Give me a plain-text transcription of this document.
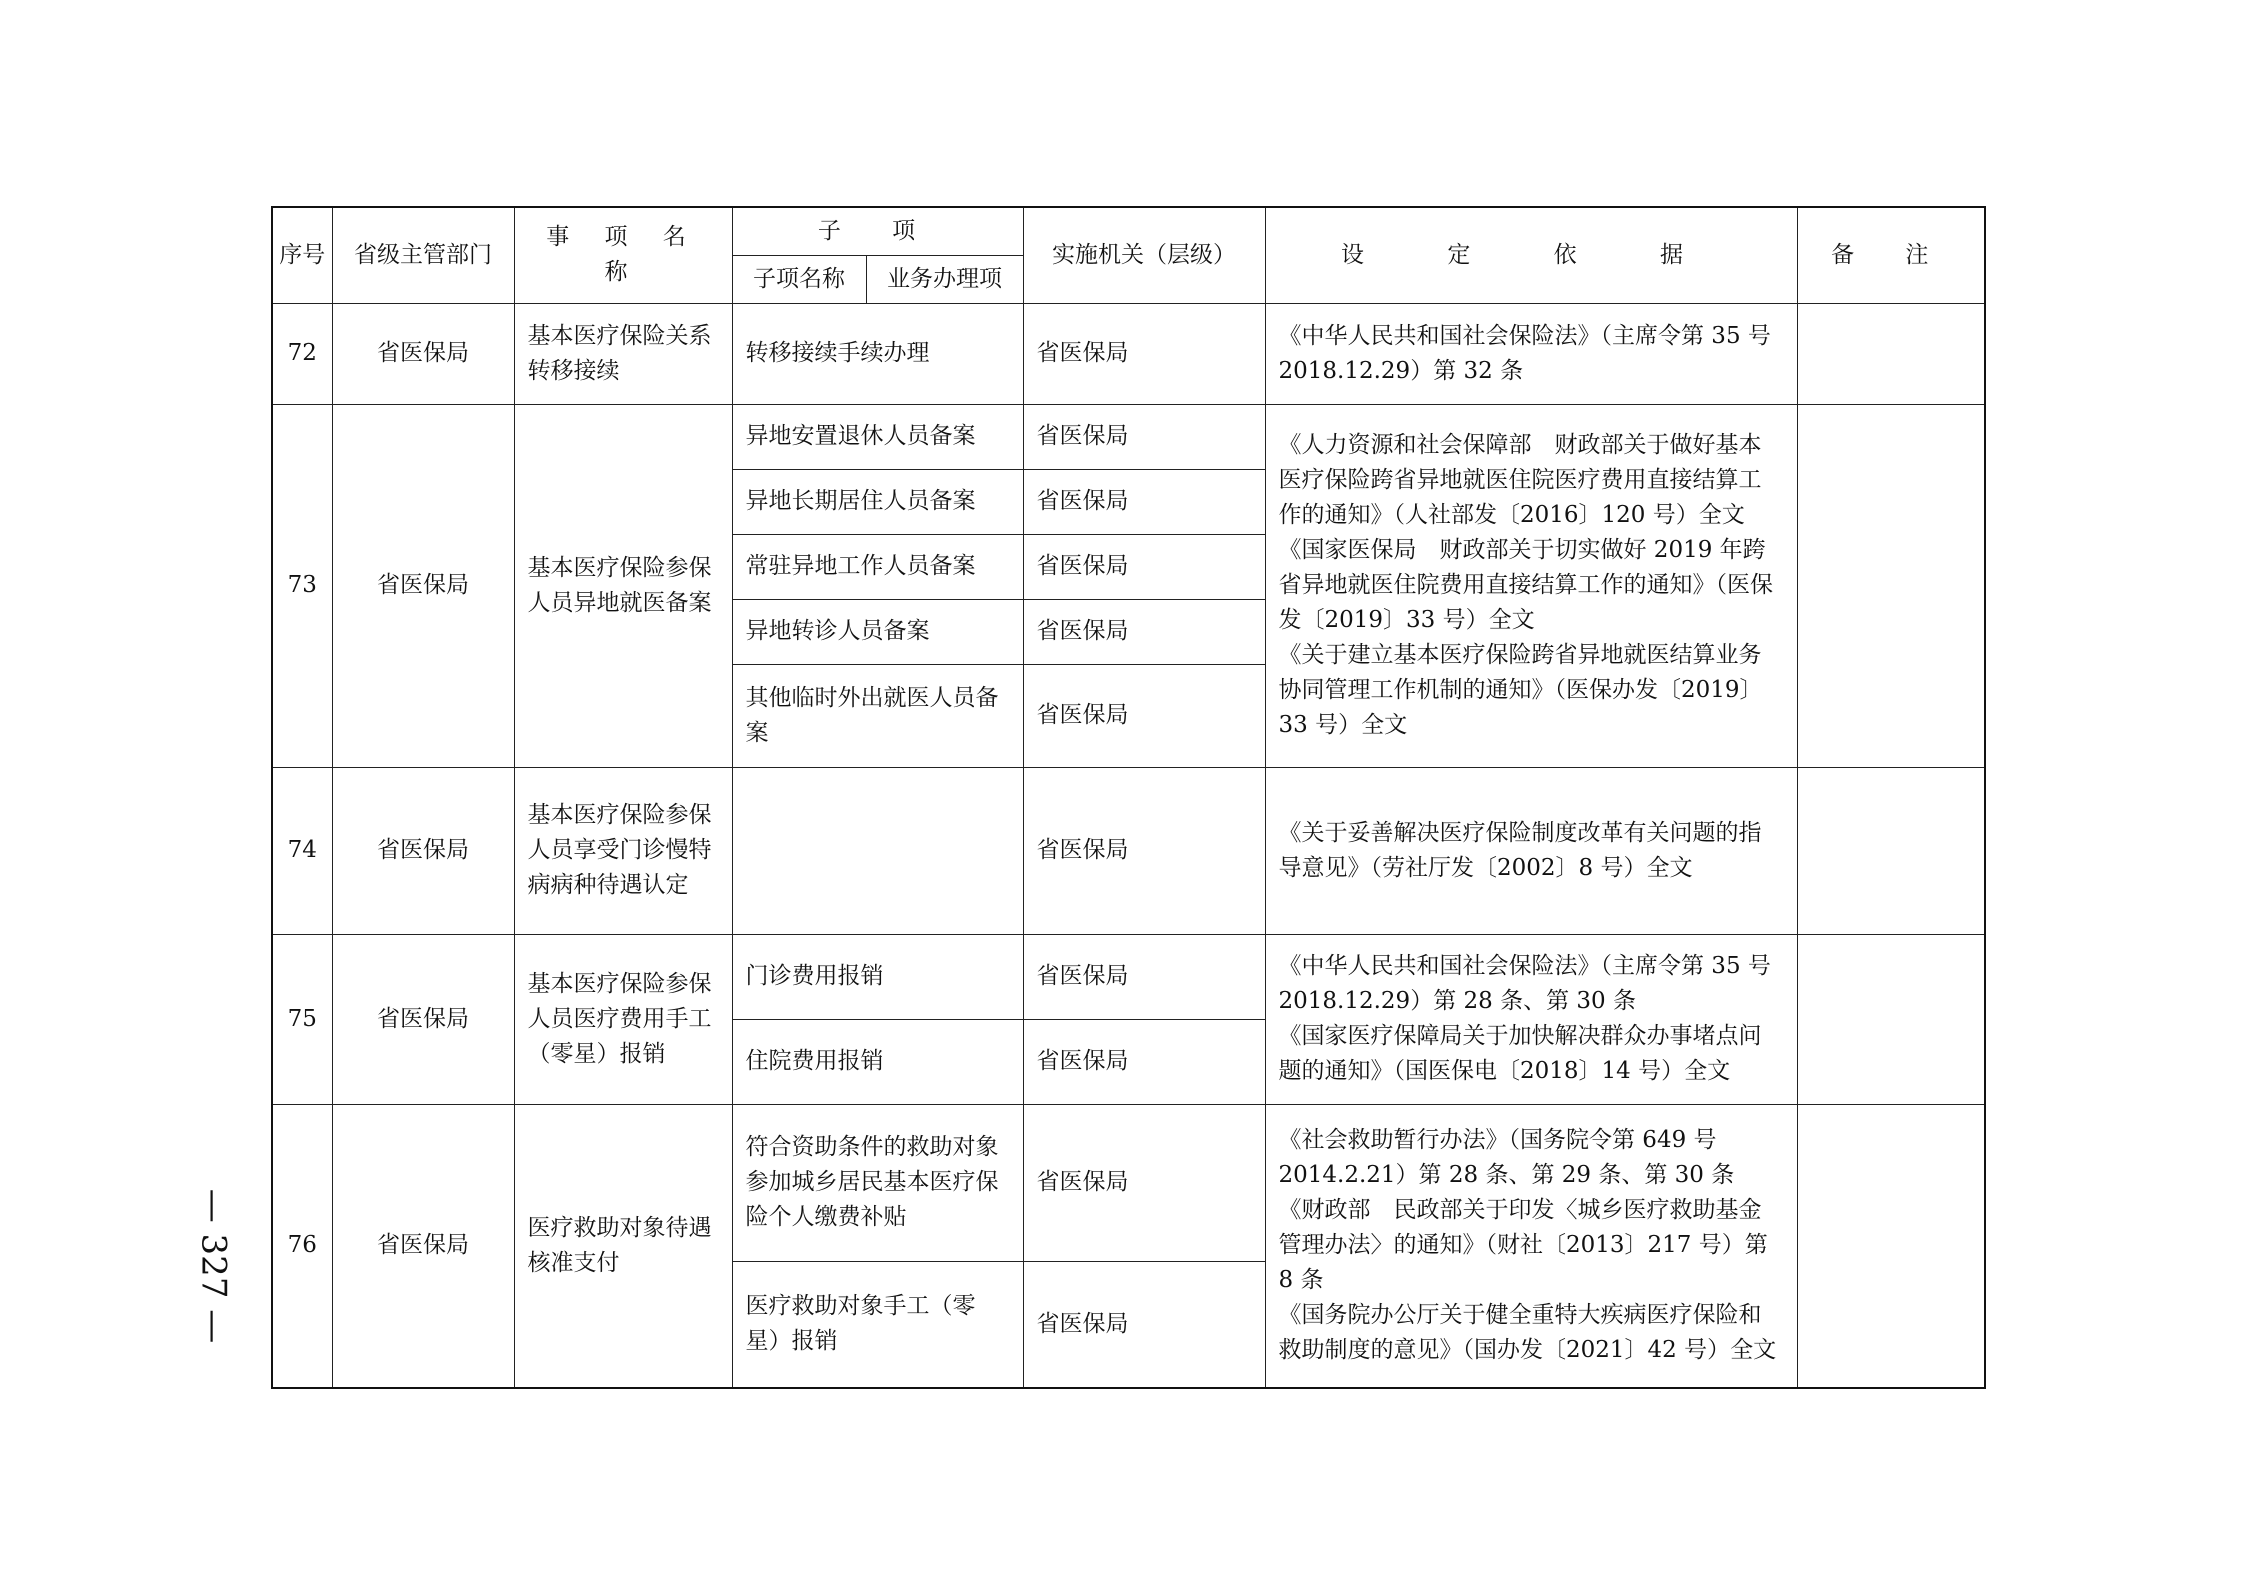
序号	省级主管部门	事 项 名 称	子 项		实施机关（层级）	设 定 依 据	备 注
			子项名称	业务办理项			
72	省医保局	基本医疗保险关系转移接续	转移接续手续办理		省医保局	《中华人民共和国社会保险法》（主席令第 35 号 2018.12.29）第 32 条	
73	省医保局	基本医疗保险参保人员异地就医备案	异地安置退休人员备案		省医保局	《人力资源和社会保障部　财政部关于做好基本医疗保险跨省异地就医住院医疗费用直接结算工作的通知》（人社部发〔2016〕120 号）全文
《国家医保局　财政部关于切实做好 2019 年跨省异地就医住院费用直接结算工作的通知》（医保发〔2019〕33 号）全文
《关于建立基本医疗保险跨省异地就医结算业务协同管理工作机制的通知》（医保办发〔2019〕33 号）全文	
			异地长期居住人员备案		省医保局		
			常驻异地工作人员备案		省医保局		
			异地转诊人员备案		省医保局		
			其他临时外出就医人员备案		省医保局		
74	省医保局	基本医疗保险参保人员享受门诊慢特病病种待遇认定			省医保局	《关于妥善解决医疗保险制度改革有关问题的指导意见》（劳社厅发〔2002〕8 号）全文	
75	省医保局	基本医疗保险参保人员医疗费用手工（零星）报销	门诊费用报销		省医保局	《中华人民共和国社会保险法》（主席令第 35 号 2018.12.29）第 28 条、第 30 条
《国家医疗保障局关于加快解决群众办事堵点问题的通知》（国医保电〔2018〕14 号）全文	
			住院费用报销		省医保局		
76	省医保局	医疗救助对象待遇核准支付	符合资助条件的救助对象参加城乡居民基本医疗保险个人缴费补贴		省医保局	《社会救助暂行办法》（国务院令第 649 号 2014.2.21）第 28 条、第 29 条、第 30 条
《财政部　民政部关于印发〈城乡医疗救助基金管理办法〉的通知》（财社〔2013〕217 号）第 8 条
《国务院办公厅关于健全重特大疾病医疗保险和救助制度的意见》（国办发〔2021〕42 号）全文	
			医疗救助对象手工（零星）报销		省医保局		
— 327 —
